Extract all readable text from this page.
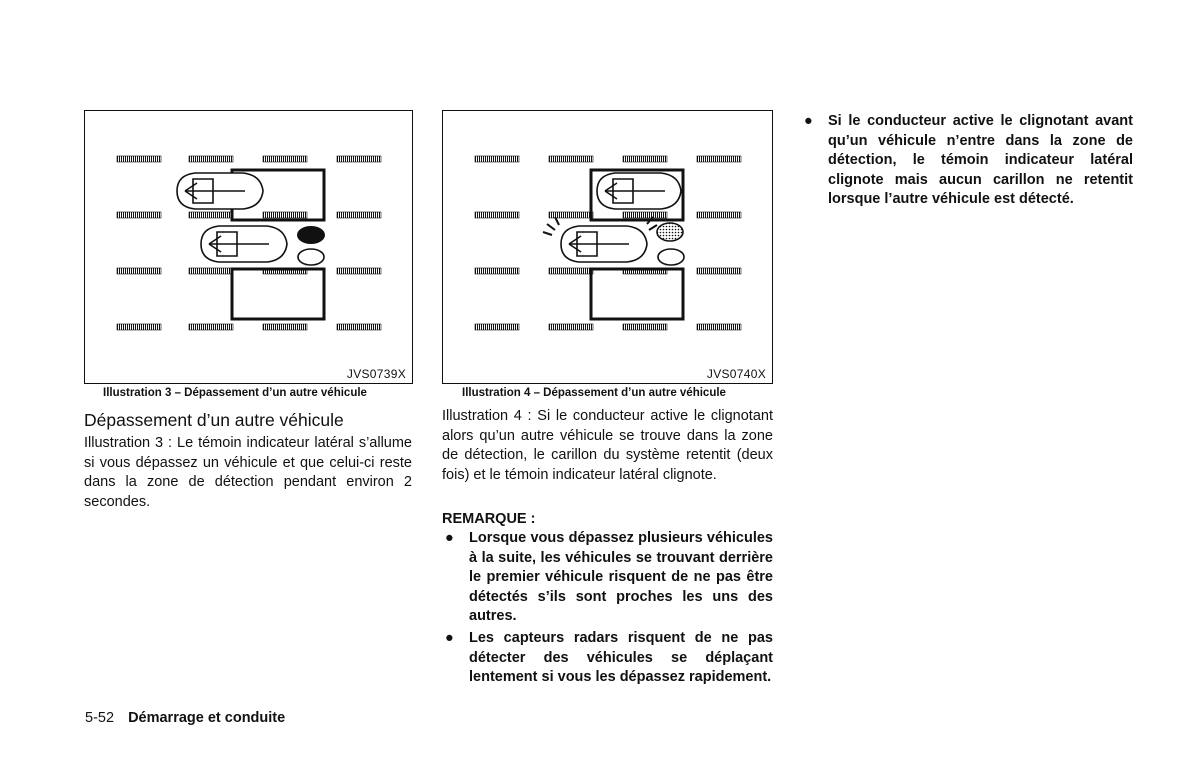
JVS0739X
Illustration 3 – Dépassement d’un autre véhicule
JVS0740X
Illustration 4 – Dépassement d’un autre véhicule
Dépassement d’un autre véhicule
Illustration 3 : Le témoin indicateur latéral s’allume si vous dépassez un véhicule et que celui-ci reste dans la zone de détection pendant environ 2 secondes.
Illustration 4 : Si le conducteur active le clignotant alors qu’un autre véhicule se trouve dans la zone de détection, le carillon du système retentit (deux fois) et le témoin indicateur latéral clignote.
REMARQUE :
● Lorsque vous dépassez plusieurs véhicules à la suite, les véhicules se trouvant derrière le premier véhicule risquent de ne pas être détectés s’ils sont proches les uns des autres.
● Les capteurs radars risquent de ne pas détecter des véhicules se déplaçant lentement si vous les dépassez rapidement.
● Si le conducteur active le clignotant avant qu’un véhicule n’entre dans la zone de détection, le témoin indicateur latéral clignote mais aucun carillon ne retentit lorsque l’autre véhicule est détecté.
5-52 Démarrage et conduite
